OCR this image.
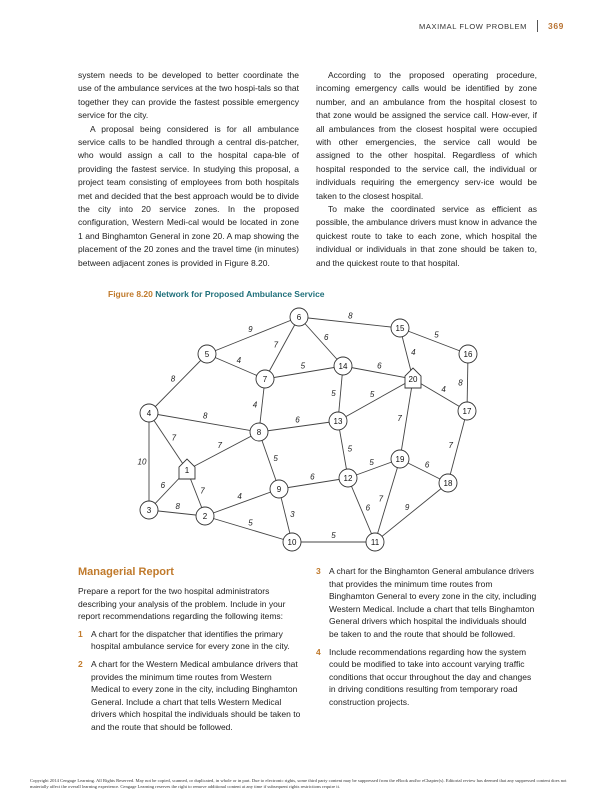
MAXIMAL FLOW PROBLEM 369

system needs to be developed to better coordinate the use of the ambulance services at the two hospi-tals so that together they can provide the fastest possible emergency service for the city.

A proposal being considered is for all ambulance service calls to be handled through a central dis-patcher, who would assign a call to the hospital capa-ble of providing the fastest service. In studying this proposal, a project team consisting of employees from both hospitals met and decided that the best approach would be to divide the city into 20 service zones. In the proposed configuration, Western Medi-cal would be located in zone 1 and Binghamton General in zone 20. A map showing the placement of the 20 zones and the travel time (in minutes) between adjacent zones is provided in Figure 8.20.

According to the proposed operating procedure, incoming emergency calls would be identified by zone number, and an ambulance from the hospital closest to that zone would be assigned the service call. How-ever, if all ambulances from the closest hospital were occupied with other emergencies, the service call would be assigned to the other hospital. Regardless of which hospital responded to the service call, the individual or individuals requiring the emergency serv-ice would be taken to the closest hospital.

To make the coordinated service as efficient as possible, the ambulance drivers must know in advance the quickest route to take to each zone, which hospital the individual or individuals in that zone should be taken to, and the quickest route to that hospital.

Figure 8.20 Network for Proposed Ambulance Service
9
8
7
6	5
4
4
8
5	6
5	5
8
4
4
8	6
5
7
7
7
10
7
5	5	6
6
6
7
4
6
7
9
8
5
3
5
1
2
3
4
5
6
7
8
10	11
12
13
14
15
16
17
18
19
20
9
Managerial Report

Prepare a report for the two hospital administrators describing your analysis of the problem. Include in your report recommendations regarding the following items:

1 A chart for the dispatcher that identifies the primary hospital ambulance service for every zone in the city.
2 A chart for the Western Medical ambulance drivers that provides the minimum time routes from Western Medical to every zone in the city, including Binghamton General. Include a chart that tells Western Medical drivers which hospital the individuals should be taken to and the route that should be followed.
3 A chart for the Binghamton General ambulance drivers that provides the minimum time routes from Binghamton General to every zone in the city, including Western Medical. Include a chart that tells Binghamton General drivers which hospital the individuals should be taken to and the route that should be followed.
4 Include recommendations regarding how the system could be modified to take into account varying traffic conditions that occur throughout the day and changes in driving conditions resulting from temporary road construction projects.
Copyright 2014 Cengage Learning. All Rights Reserved. May not be copied, scanned, or duplicated, in whole or in part. Due to electronic rights, some third party content may be suppressed from the eBook and/or eChapter(s). Editorial review has deemed that any suppressed content does not materially affect the overall learning experience. Cengage Learning reserves the right to remove additional content at any time if subsequent rights restrictions require it.
